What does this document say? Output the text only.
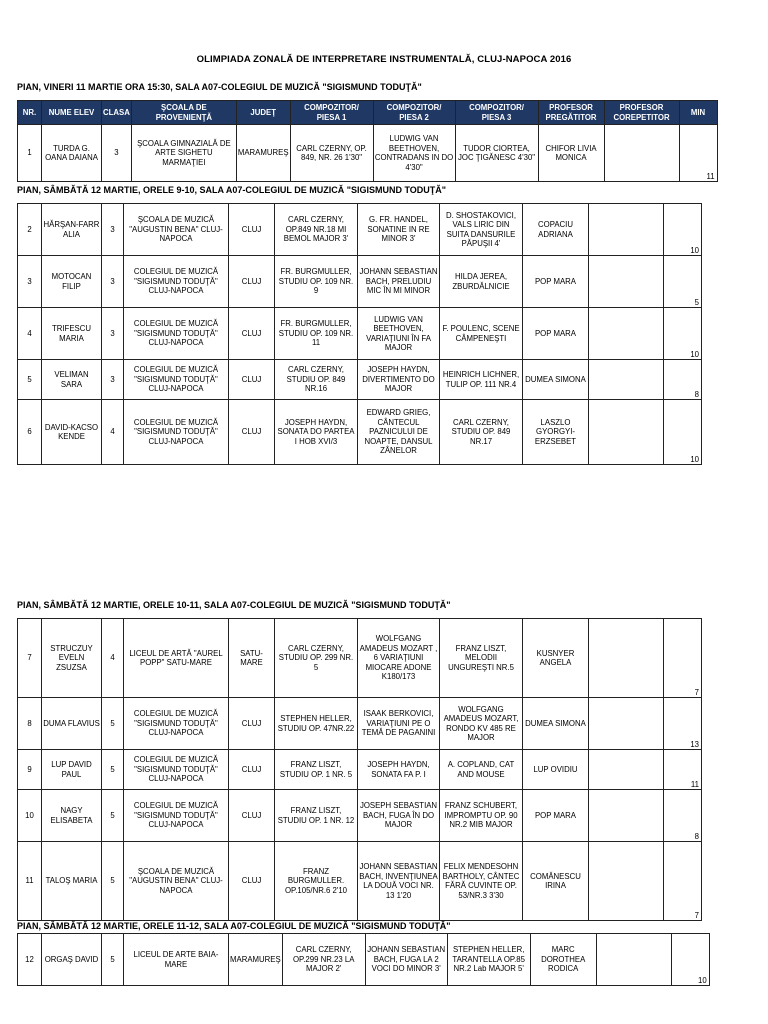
OLIMPIADA ZONALĂ DE INTERPRETARE INSTRUMENTALĂ, CLUJ-NAPOCA 2016
PIAN, VINERI 11 MARTIE ORA 15:30, SALA A07-COLEGIUL DE MUZICĂ "SIGISMUND TODUŢĂ"
NR.	NUME ELEV	CLASA	ŞCOALA DE PROVENIENŢĂ	JUDEŢ	COMPOZITOR/ PIESA 1	COMPOZITOR/ PIESA 2	COMPOZITOR/ PIESA 3	PROFESOR PREGĂTITOR	PROFESOR COREPETITOR	MIN
1	TURDA G. OANA DAIANA	3	ŞCOALA GIMNAZIALĂ DE ARTE SIGHETU MARMAŢIEI	MARAMUREŞ	CARL CZERNY, OP. 849, NR. 26 1'30"	LUDWIG VAN BEETHOVEN, CONTRADANS IN DO 4'30"	TUDOR CIORTEA, JOC ŢIGĂNESC 4'30"	CHIFOR LIVIA MONICA		11
PIAN, SÂMBĂTĂ 12 MARTIE, ORELE 9-10, SALA A07-COLEGIUL DE MUZICĂ "SIGISMUND TODUŢĂ"
2	HĂRŞAN-FARR ALIA	3	ŞCOALA DE MUZICĂ "AUGUSTIN BENA" CLUJ-NAPOCA	CLUJ	CARL CZERNY, OP.849 NR.18 MI BEMOL MAJOR 3'	G. FR. HANDEL, SONATINE IN RE MINOR 3'	D. SHOSTAKOVICI, VALS LIRIC DIN SUITA DANSURILE PĂPUŞII 4'	COPACIU ADRIANA		10
3	MOTOCAN FILIP	3	COLEGIUL DE MUZICĂ "SIGISMUND TODUŢĂ" CLUJ-NAPOCA	CLUJ	FR. BURGMULLER, STUDIU OP. 109 NR. 9	JOHANN SEBASTIAN BACH, PRELUDIU MIC ÎN MI MINOR	HILDA JEREA, ZBURDĂLNICIE	POP MARA		5
4	TRIFESCU MARIA	3	COLEGIUL DE MUZICĂ "SIGISMUND TODUŢĂ" CLUJ-NAPOCA	CLUJ	FR. BURGMULLER, STUDIU OP. 109 NR. 11	LUDWIG VAN BEETHOVEN, VARIAŢIUNI ÎN FA MAJOR	F. POULENC, SCENE CÂMPENEŞTI	POP MARA		10
5	VELIMAN SARA	3	COLEGIUL DE MUZICĂ "SIGISMUND TODUŢĂ" CLUJ-NAPOCA	CLUJ	CARL CZERNY, STUDIU OP. 849 NR.16	JOSEPH HAYDN, DIVERTIMENTO DO MAJOR	HEINRICH LICHNER, TULIP OP. 111 NR.4	DUMEA SIMONA		8
6	DAVID-KACSO KENDE	4	COLEGIUL DE MUZICĂ "SIGISMUND TODUŢĂ" CLUJ-NAPOCA	CLUJ	JOSEPH HAYDN, SONATA DO PARTEA I HOB XVI/3	EDWARD GRIEG, CÂNTECUL PAZNICULUI DE NOAPTE, DANSUL ZÂNELOR	CARL CZERNY, STUDIU OP. 849 NR.17	LASZLO GYORGYI-ERZSEBET		10
PIAN, SÂMBĂTĂ 12 MARTIE, ORELE 10-11, SALA A07-COLEGIUL DE MUZICĂ "SIGISMUND TODUŢĂ"
7	STRUCZUY EVELN ZSUZSA	4	LICEUL DE ARTĂ "AUREL POPP" SATU-MARE	SATU-MARE	CARL CZERNY, STUDIU OP. 299 NR. 5	WOLFGANG AMADEUS MOZART , 6 VARIAŢIUNI MIOCARE ADONE K180/173	FRANZ LISZT, MELODII UNGUREŞTI NR.5	KUSNYER ANGELA		7
8	DUMA FLAVIUS	5	COLEGIUL DE MUZICĂ "SIGISMUND TODUŢĂ" CLUJ-NAPOCA	CLUJ	STEPHEN HELLER, STUDIU OP. 47NR.22	ISAAK BERKOVICI, VARIAŢIUNI PE O TEMĂ DE PAGANINI	WOLFGANG AMADEUS MOZART, RONDO KV 485 RE MAJOR	DUMEA SIMONA		13
9	LUP DAVID PAUL	5	COLEGIUL DE MUZICĂ "SIGISMUND TODUŢĂ" CLUJ-NAPOCA	CLUJ	FRANZ LISZT, STUDIU OP. 1 NR. 5	JOSEPH HAYDN, SONATA FA P. I	A. COPLAND, CAT AND MOUSE	LUP OVIDIU		11
10	NAGY ELISABETA	5	COLEGIUL DE MUZICĂ "SIGISMUND TODUŢĂ" CLUJ-NAPOCA	CLUJ	FRANZ LISZT, STUDIU OP. 1 NR. 12	JOSEPH SEBASTIAN BACH, FUGA ÎN DO MAJOR	FRANZ SCHUBERT, IMPROMPTU OP. 90 NR.2 MIB MAJOR	POP MARA		8
11	TALOŞ MARIA	5	ŞCOALA DE MUZICĂ "AUGUSTIN BENA" CLUJ-NAPOCA	CLUJ	FRANZ BURGMULLER. OP.105/NR.6 2'10	JOHANN SEBASTIAN BACH, INVENŢIUNEA LA DOUĂ VOCI NR. 13 1'20	FELIX MENDESOHN BARTHOLY, CÂNTEC FĂRĂ CUVINTE OP. 53/NR.3 3'30	COMĂNESCU IRINA		7
PIAN, SÂMBĂTĂ 12 MARTIE, ORELE 11-12, SALA A07-COLEGIUL DE MUZICĂ "SIGISMUND TODUŢĂ"
12	ORGAŞ DAVID	5	LICEUL DE ARTE BAIA-MARE	MARAMUREŞ	CARL CZERNY, OP.299 NR.23 LA MAJOR 2'	JOHANN SEBASTIAN BACH, FUGA LA 2 VOCI DO MINOR 3'	STEPHEN HELLER, TARANTELLA OP.85 NR.2 Lab MAJOR 5'	MARC DOROTHEA RODICA		10
